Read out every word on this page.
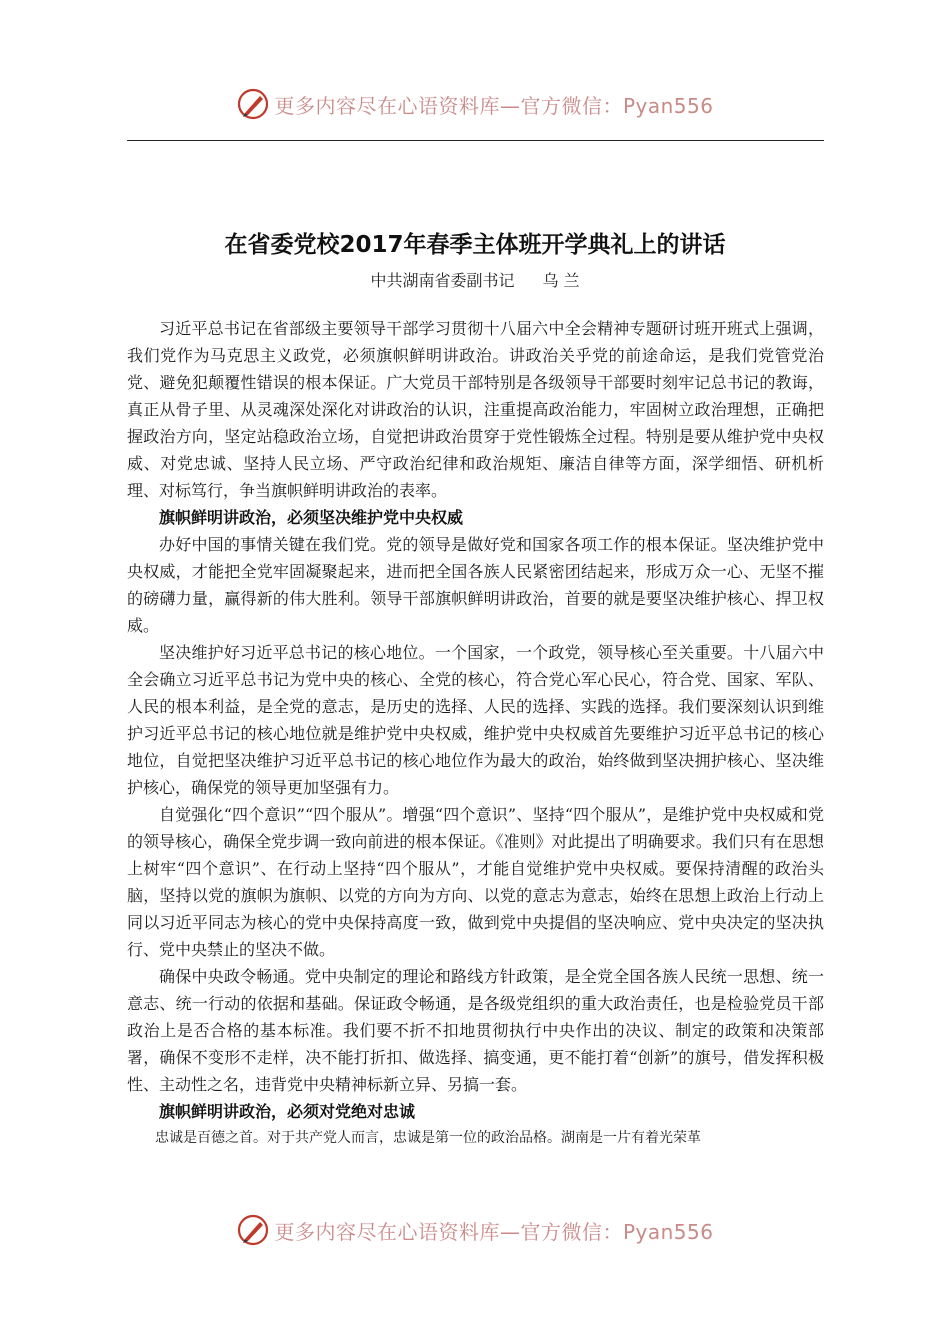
更多内容尽在心语资料库—官方微信：Pyan556
在省委党校2017年春季主体班开学典礼上的讲话
中共湖南省委副书记 乌 兰

习近平总书记在省部级主要领导干部学习贯彻十八届六中全会精神专题研讨班开班式上强调，我们党作为马克思主义政党，必须旗帜鲜明讲政治。讲政治关乎党的前途命运，是我们党管党治党、避免犯颠覆性错误的根本保证。广大党员干部特别是各级领导干部要时刻牢记总书记的教诲，真正从骨子里、从灵魂深处深化对讲政治的认识，注重提高政治能力，牢固树立政治理想，正确把握政治方向，坚定站稳政治立场，自觉把讲政治贯穿于党性锻炼全过程。特别是要从维护党中央权威、对党忠诚、坚持人民立场、严守政治纪律和政治规矩、廉洁自律等方面，深学细悟、研机析理、对标笃行，争当旗帜鲜明讲政治的表率。

旗帜鲜明讲政治，必须坚决维护党中央权威

办好中国的事情关键在我们党。党的领导是做好党和国家各项工作的根本保证。坚决维护党中央权威，才能把全党牢固凝聚起来，进而把全国各族人民紧密团结起来，形成万众一心、无坚不摧的磅礴力量，赢得新的伟大胜利。领导干部旗帜鲜明讲政治，首要的就是要坚决维护核心、捍卫权威。

坚决维护好习近平总书记的核心地位。一个国家，一个政党，领导核心至关重要。十八届六中全会确立习近平总书记为党中央的核心、全党的核心，符合党心军心民心，符合党、国家、军队、人民的根本利益，是全党的意志，是历史的选择、人民的选择、实践的选择。我们要深刻认识到维护习近平总书记的核心地位就是维护党中央权威，维护党中央权威首先要维护习近平总书记的核心地位，自觉把坚决维护习近平总书记的核心地位作为最大的政治，始终做到坚决拥护核心、坚决维护核心，确保党的领导更加坚强有力。

自觉强化“四个意识”“四个服从”。增强“四个意识”、坚持“四个服从”，是维护党中央权威和党的领导核心，确保全党步调一致向前进的根本保证。《准则》对此提出了明确要求。我们只有在思想上树牢“四个意识”、在行动上坚持“四个服从”，才能自觉维护党中央权威。要保持清醒的政治头脑，坚持以党的旗帜为旗帜、以党的方向为方向、以党的意志为意志，始终在思想上政治上行动上同以习近平同志为核心的党中央保持高度一致，做到党中央提倡的坚决响应、党中央决定的坚决执行、党中央禁止的坚决不做。

确保中央政令畅通。党中央制定的理论和路线方针政策，是全党全国各族人民统一思想、统一意志、统一行动的依据和基础。保证政令畅通，是各级党组织的重大政治责任，也是检验党员干部政治上是否合格的基本标准。我们要不折不扣地贯彻执行中央作出的决议、制定的政策和决策部署，确保不变形不走样，决不能打折扣、做选择、搞变通，更不能打着“创新”的旗号，借发挥积极性、主动性之名，违背党中央精神标新立异、另搞一套。

旗帜鲜明讲政治，必须对党绝对忠诚

忠诚是百德之首。对于共产党人而言，忠诚是第一位的政治品格。湖南是一片有着光荣革

更多内容尽在心语资料库—官方微信：Pyan556
